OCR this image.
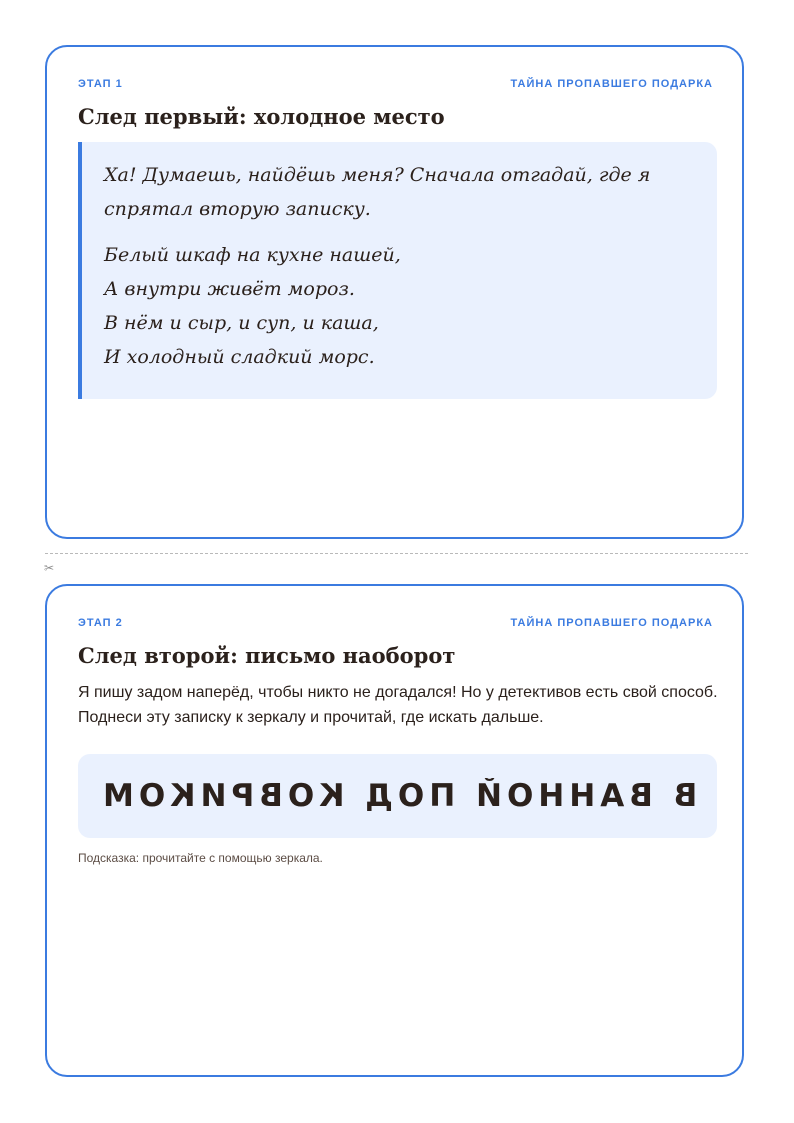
ЭТАП 1	ТАЙНА ПРОПАВШЕГО ПОДАРКА
След первый: холодное место

Ха! Думаешь, найдёшь меня? Сначала отгадай, где я спрятал вторую записку.

Белый шкаф на кухне нашей,
А внутри живёт мороз.
В нём и сыр, и суп, и каша,
И холодный сладкий морс.
✂
ЭТАП 2	ТАЙНА ПРОПАВШЕГО ПОДАРКА
След второй: письмо наоборот

Я пишу задом наперёд, чтобы никто не догадался! Но у детективов есть свой способ. Поднеси эту записку к зеркалу и прочитай, где искать дальше.

В ВАННОЙ ПОД КОВРИКОМ

Подсказка: прочитайте с помощью зеркала.
